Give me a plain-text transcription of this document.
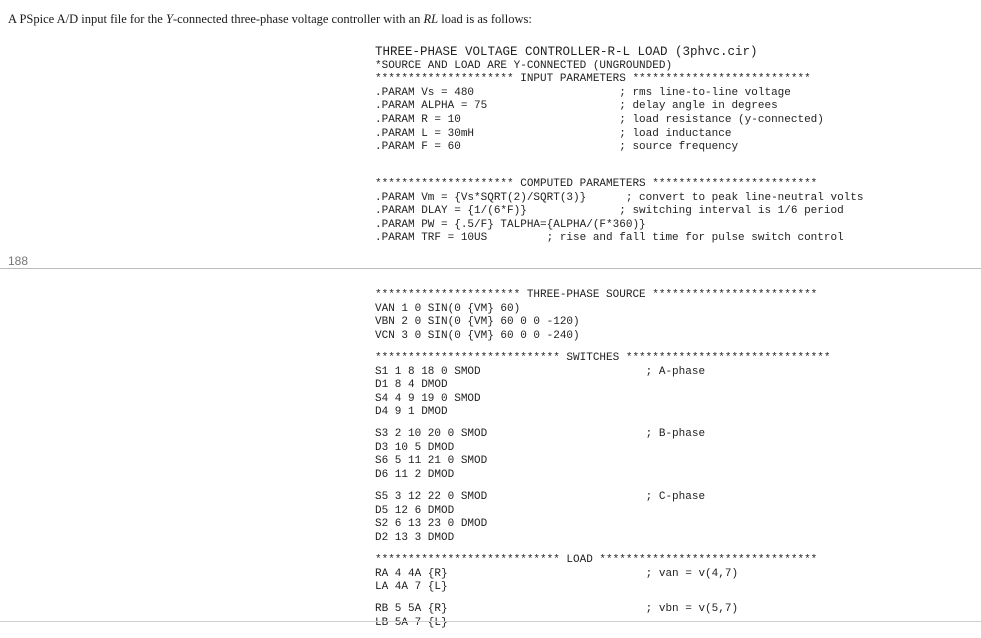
A PSpice A/D input file for the Y-connected three-phase voltage controller with an RL load is as follows:
THREE-PHASE VOLTAGE CONTROLLER-R-L LOAD (3phvc.cir)
*SOURCE AND LOAD ARE Y-CONNECTED (UNGROUNDED)
********************* INPUT PARAMETERS ***************************
.PARAM Vs = 480                      ; rms line-to-line voltage
.PARAM ALPHA = 75                    ; delay angle in degrees
.PARAM R = 10                        ; load resistance (y-connected)
.PARAM L = 30mH                      ; load inductance
.PARAM F = 60                        ; source frequency
********************* COMPUTED PARAMETERS *************************
.PARAM Vm = {Vs*SQRT(2)/SQRT(3)}      ; convert to peak line-neutral volts
.PARAM DLAY = {1/(6*F)}              ; switching interval is 1/6 period
.PARAM PW = {.5/F} TALPHA={ALPHA/(F*360)}
.PARAM TRF = 10US         ; rise and fall time for pulse switch control
********************** THREE-PHASE SOURCE *************************
VAN 1 0 SIN(0 {VM} 60)
VBN 2 0 SIN(0 {VM} 60 0 0 -120)
VCN 3 0 SIN(0 {VM} 60 0 0 -240)
**************************** SWITCHES *******************************
S1 1 8 18 0 SMOD                         ; A-phase
D1 8 4 DMOD
S4 4 9 19 0 SMOD
D4 9 1 DMOD
S3 2 10 20 0 SMOD                        ; B-phase
D3 10 5 DMOD
S6 5 11 21 0 SMOD
D6 11 2 DMOD
S5 3 12 22 0 SMOD                        ; C-phase
D5 12 6 DMOD
S2 6 13 23 0 DMOD
D2 13 3 DMOD
**************************** LOAD *********************************
RA 4 4A {R}                              ; van = v(4,7)
LA 4A 7 {L}
RB 5 5A {R}                              ; vbn = v(5,7)
LB 5A 7 {L}
188
